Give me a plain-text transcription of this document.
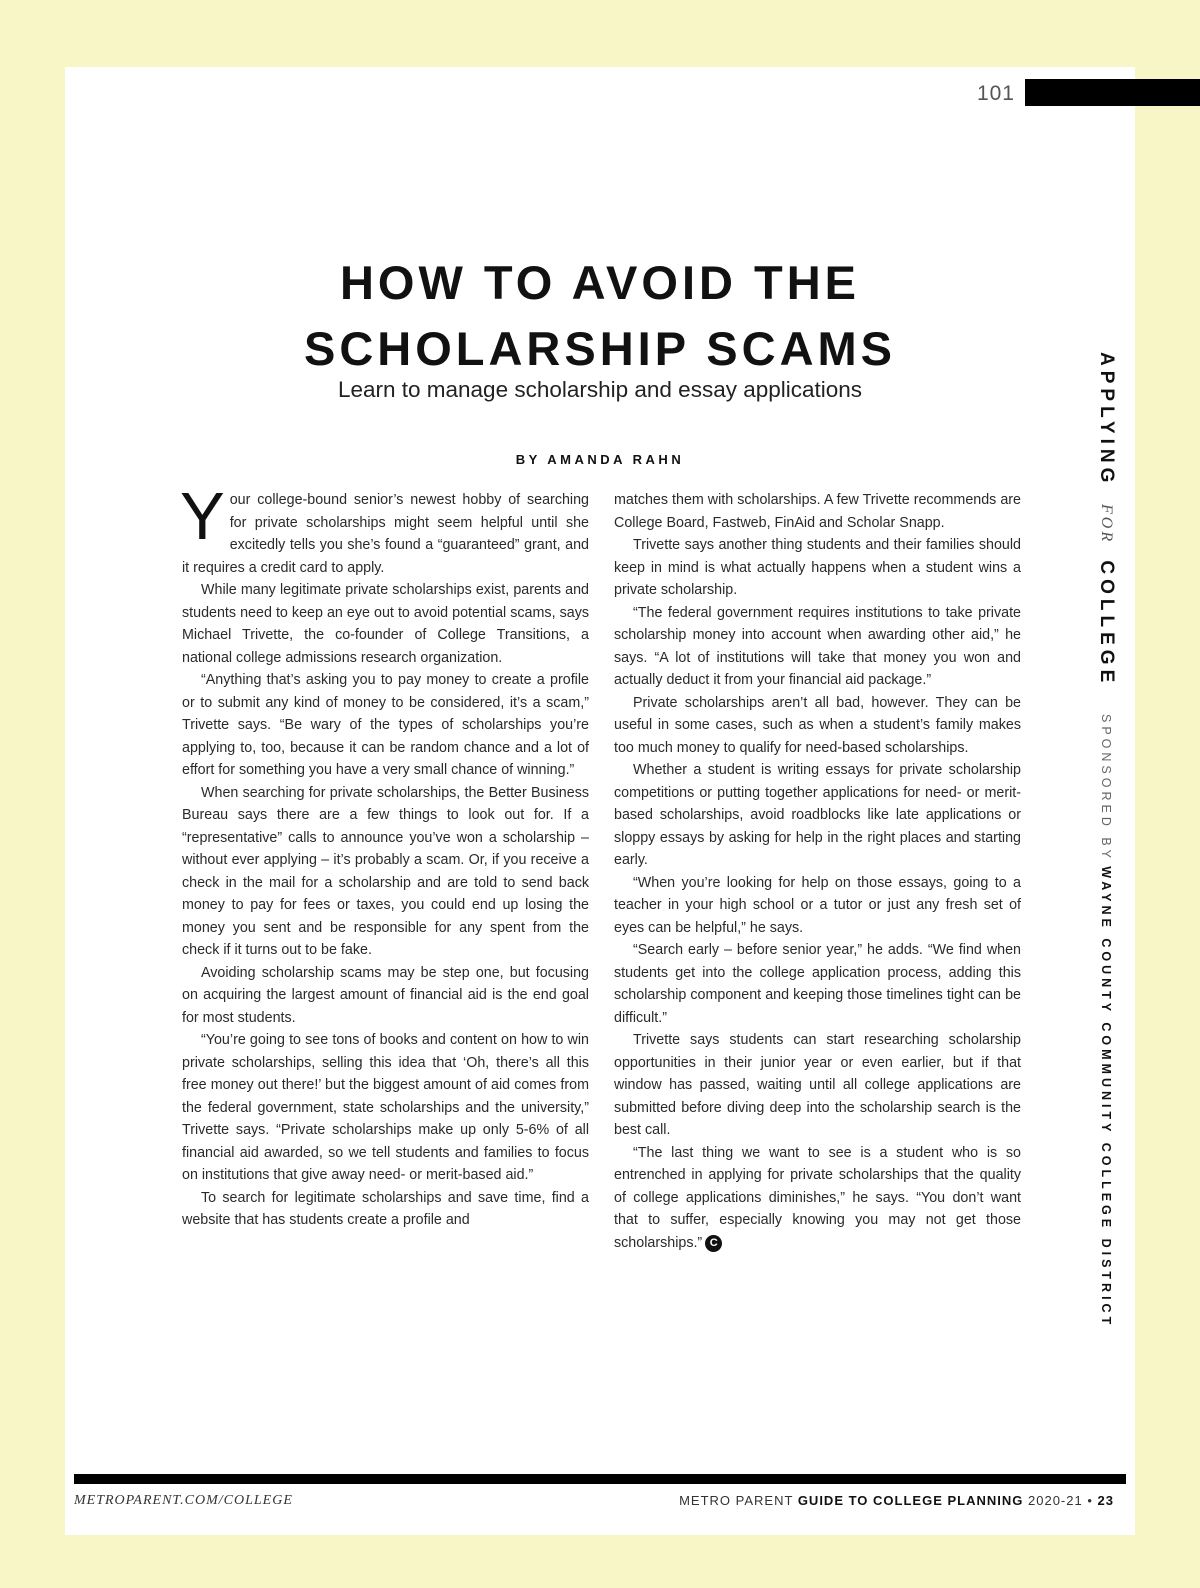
101
HOW TO AVOID THE
SCHOLARSHIP SCAMS
Learn to manage scholarship and essay applications
BY AMANDA RAHN

Your college-bound senior’s newest hobby of searching for private scholarships might seem helpful until she excitedly tells you she’s found a “guaranteed” grant, and it requires a credit card to apply.

While many legitimate private scholarships exist, parents and students need to keep an eye out to avoid potential scams, says Michael Trivette, the co-founder of College Transitions, a national college admissions research organization.

“Anything that’s asking you to pay money to create a profile or to submit any kind of money to be considered, it’s a scam,” Trivette says. “Be wary of the types of scholarships you’re applying to, too, because it can be random chance and a lot of effort for something you have a very small chance of winning.”

When searching for private scholarships, the Better Business Bureau says there are a few things to look out for. If a “representative” calls to announce you’ve won a scholarship – without ever applying – it’s probably a scam. Or, if you receive a check in the mail for a scholarship and are told to send back money to pay for fees or taxes, you could end up losing the money you sent and be responsible for any spent from the check if it turns out to be fake.

Avoiding scholarship scams may be step one, but focusing on acquiring the largest amount of financial aid is the end goal for most students.

“You’re going to see tons of books and content on how to win private scholarships, selling this idea that ‘Oh, there’s all this free money out there!’ but the biggest amount of aid comes from the federal government, state scholarships and the university,” Trivette says. “Private scholarships make up only 5-6% of all financial aid awarded, so we tell students and families to focus on institutions that give away need- or merit-based aid.”

To search for legitimate scholarships and save time, find a website that has students create a profile and

matches them with scholarships. A few Trivette recommends are College Board, Fastweb, FinAid and Scholar Snapp.

Trivette says another thing students and their families should keep in mind is what actually happens when a student wins a private scholarship.

“The federal government requires institutions to take private scholarship money into account when awarding other aid,” he says. “A lot of institutions will take that money you won and actually deduct it from your financial aid package.”

Private scholarships aren’t all bad, however. They can be useful in some cases, such as when a student’s family makes too much money to qualify for need-based scholarships.

Whether a student is writing essays for private scholarship competitions or putting together applications for need- or merit-based scholarships, avoid roadblocks like late applications or sloppy essays by asking for help in the right places and starting early.

“When you’re looking for help on those essays, going to a teacher in your high school or a tutor or just any fresh set of eyes can be helpful,” he says.

“Search early – before senior year,” he adds. “We find when students get into the college application process, adding this scholarship component and keeping those timelines tight can be difficult.”

Trivette says students can start researching scholarship opportunities in their junior year or even earlier, but if that window has passed, waiting until all college applications are submitted before diving deep into the scholarship search is the best call.

“The last thing we want to see is a student who is so entrenched in applying for private scholarships that the quality of college applications diminishes,” he says. “You don’t want that to suffer, especially knowing you may not get those scholarships.” C

APPLYING FOR COLLEGE SPONSORED BY WAYNE COUNTY COMMUNITY COLLEGE DISTRICT
METROPARENT.COM/COLLEGE	METRO PARENT GUIDE TO COLLEGE PLANNING 2020-21 • 23
